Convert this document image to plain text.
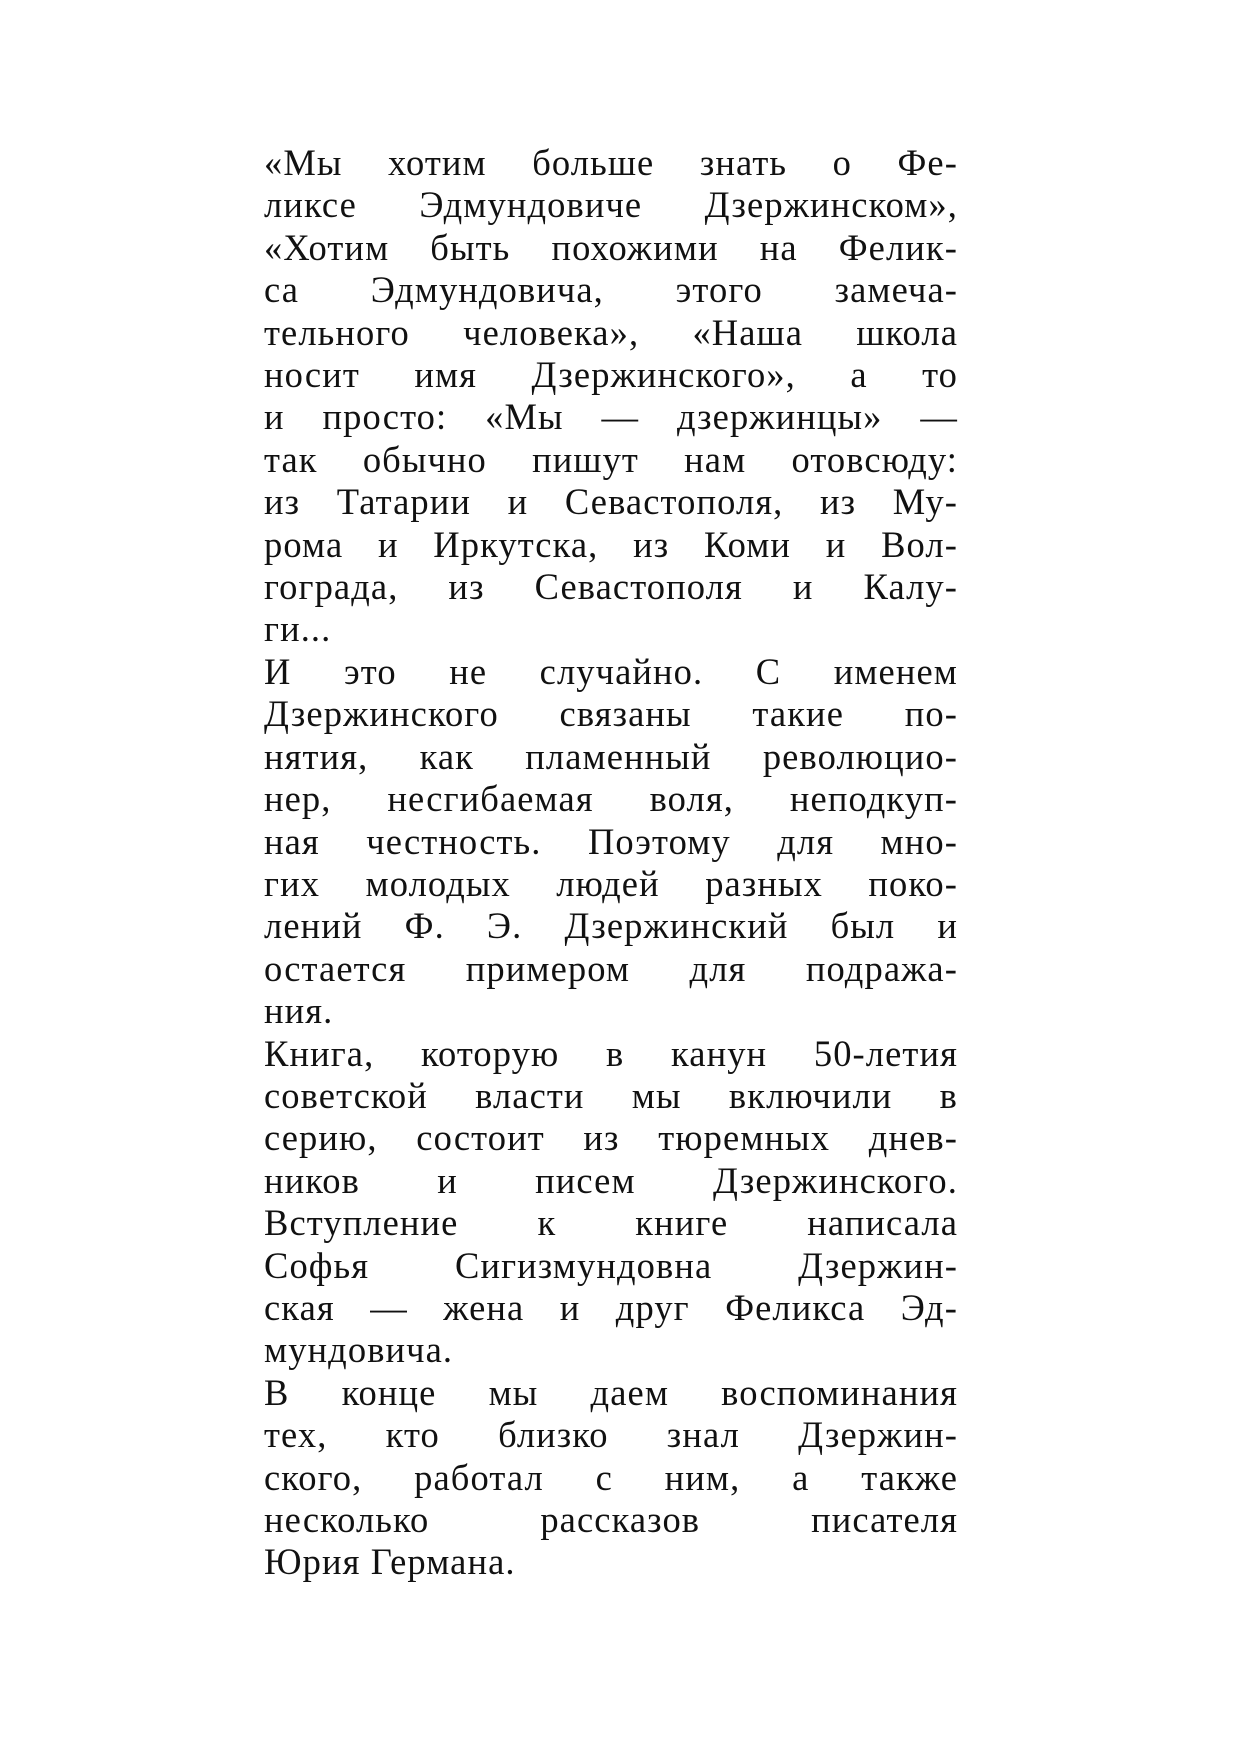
«Мы хотим больше знать о Фе-
ликсе Эдмундовиче Дзержинском»,
«Хотим быть похожими на Фелик-
са Эдмундовича, этого замеча-
тельного человека», «Наша школа
носит имя Дзержинского», а то
и просто: «Мы — дзержинцы» —
так обычно пишут нам отовсюду:
из Татарии и Севастополя, из Му-
рома и Иркутска, из Коми и Вол-
гограда, из Севастополя и Калу-
ги...

И это не случайно. С именем
Дзержинского связаны такие по-
нятия, как пламенный революцио-
нер, несгибаемая воля, неподкуп-
ная честность. Поэтому для мно-
гих молодых людей разных поко-
лений Ф. Э. Дзержинский был и
остается примером для подража-
ния.

Книга, которую в канун 50-летия
советской власти мы включили в
серию, состоит из тюремных днев-
ников и писем Дзержинского.
Вступление к книге написала
Софья Сигизмундовна Дзержин-
ская — жена и друг Феликса Эд-
мундовича.

В конце мы даем воспоминания
тех, кто близко знал Дзержин-
ского, работал с ним, а также
несколько рассказов писателя
Юрия Германа.
